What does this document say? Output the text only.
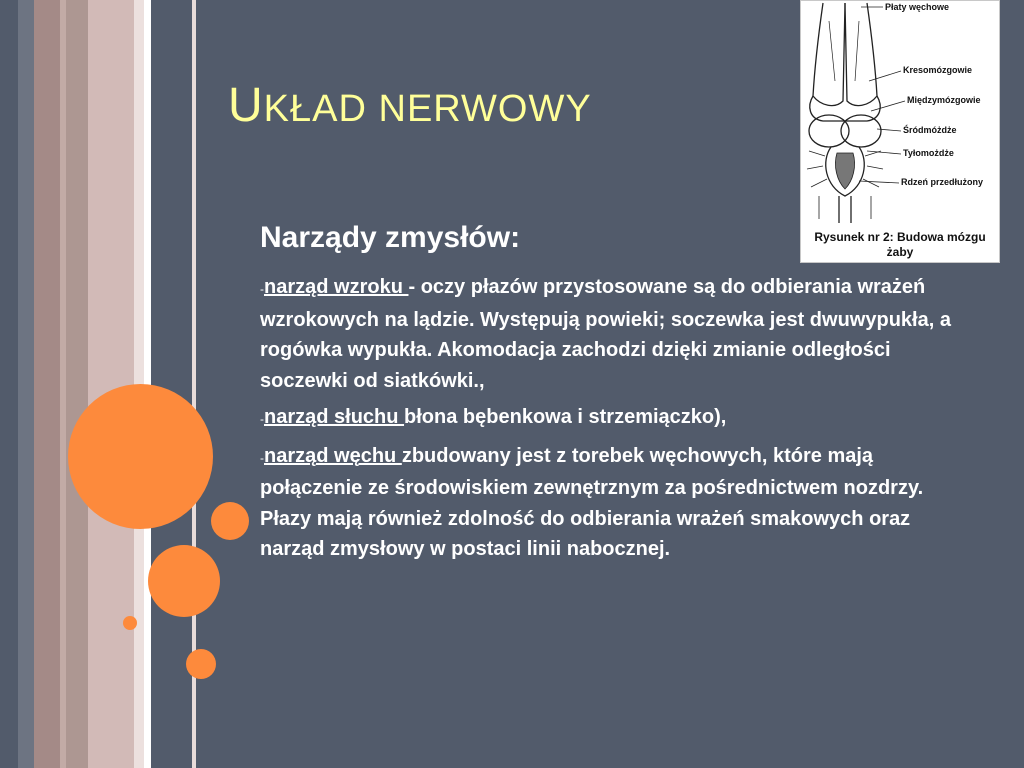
UKŁAD NERWOWY
Płaty węchowe
Kresomózgowie
Międzymózgowie
Śródmóżdże
Tyłomożdże
Rdzeń przedłużony
Rysunek nr 2: Budowa mózgu
żaby
Narządy zmysłów:
-narząd wzroku - oczy płazów przystosowane są do odbierania wrażeń wzrokowych na lądzie. Występują powieki; soczewka jest dwuwypukła, a rogówka wypukła. Akomodacja zachodzi dzięki zmianie odległości soczewki od siatkówki.,
-narząd słuchu błona bębenkowa i strzemiączko),
-narząd węchu zbudowany jest z torebek węchowych, które mają połączenie ze środowiskiem zewnętrznym za pośrednictwem nozdrzy.
Płazy mają również zdolność do odbierania wrażeń smakowych oraz narząd zmysłowy w postaci linii nabocznej.
